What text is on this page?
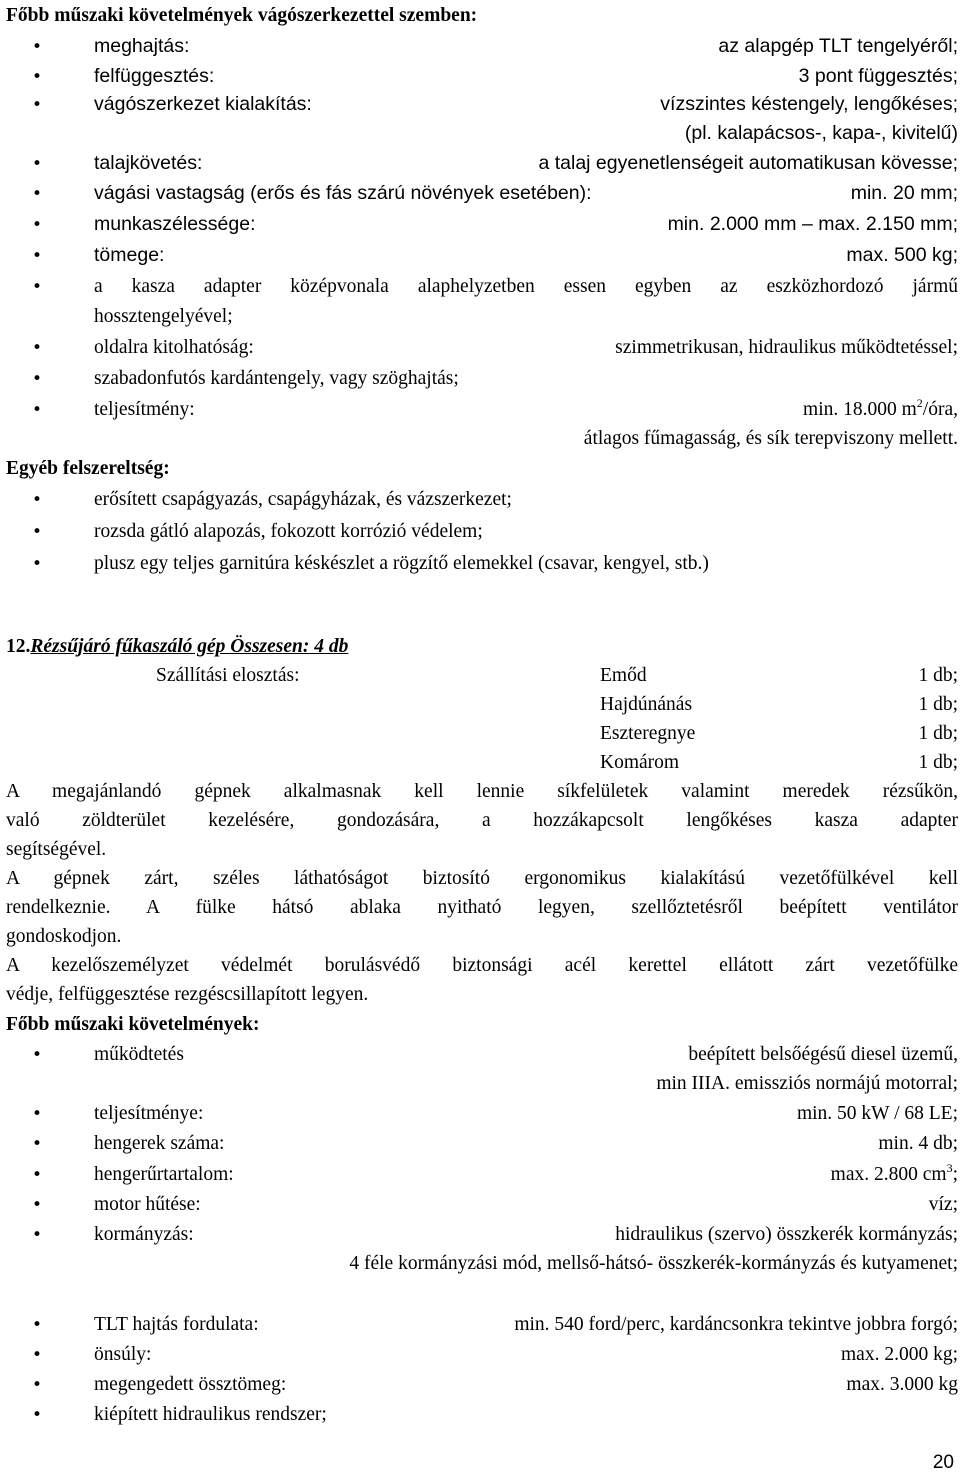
Főbb műszaki követelmények vágószerkezettel szemben:
•
meghajtás:	az alapgép TLT tengelyéről;
•
felfüggesztés:	3 pont függesztés;
•
vágószerkezet kialakítás:	vízszintes késtengely, lengőkéses;
(pl. kalapácsos-, kapa-, kivitelű)
•
talajkövetés:	a talaj egyenetlenségeit automatikusan kövesse;
•
vágási vastagság (erős és fás szárú növények esetében):	min. 20 mm;
•
munkaszélessége:	min. 2.000 mm – max. 2.150 mm;
•
tömege:	max. 500 kg;
•
a kasza adapter középvonala alaphelyzetben essen egyben az eszközhordozó jármű
hossztengelyével;
•
oldalra kitolhatóság:	szimmetrikusan, hidraulikus működtetéssel;
•
szabadonfutós kardántengely, vagy szöghajtás;
•
teljesítmény:	min. 18.000 $m^2$/óra,
átlagos fűmagasság, és sík terepviszony mellett.
Egyéb felszereltség:
•
erősített csapágyazás, csapágyházak, és vázszerkezet;
•
rozsda gátló alapozás, fokozott korrózió védelem;
•
plusz egy teljes garnitúra késkészlet a rögzítő elemekkel (csavar, kengyel, stb.)
12.Rézsűjáró fűkaszáló gép Összesen: 4 db
Szállítási elosztás:	Emőd	1 db;
Hajdúnánás	1 db;
Eszteregnye	1 db;
Komárom	1 db;
A megajánlandó gépnek alkalmasnak kell lennie síkfelületek valamint meredek rézsűkön,
való zöldterület kezelésére, gondozására, a hozzákapcsolt lengőkéses kasza adapter
segítségével.
A gépnek zárt, széles láthatóságot biztosító ergonomikus kialakítású vezetőfülkével kell
rendelkeznie. A fülke hátsó ablaka nyitható legyen, szellőztetésről beépített ventilátor
gondoskodjon.
A kezelőszemélyzet védelmét borulásvédő biztonsági acél kerettel ellátott zárt vezetőfülke
védje, felfüggesztése rezgéscsillapított legyen.
Főbb műszaki követelmények:
•
működtetés	beépített belsőégésű diesel üzemű,
min IIIA. emissziós normájú motorral;
•
teljesítménye:	min. 50 kW / 68 LE;
•
hengerek száma:	min. 4 db;
•
hengerűrtartalom:	max. 2.800 $cm^3$;
•
motor hűtése:	víz;
•
kormányzás:	hidraulikus (szervo) összkerék kormányzás;
4 féle kormányzási mód, mellső-hátsó- összkerék-kormányzás és kutyamenet;
•
TLT hajtás fordulata:	min. 540 ford/perc, kardáncsonkra tekintve jobbra forgó;
•
önsúly:	max. 2.000 kg;
•
megengedett össztömeg:	max. 3.000 kg
•
kiépített hidraulikus rendszer;
20
